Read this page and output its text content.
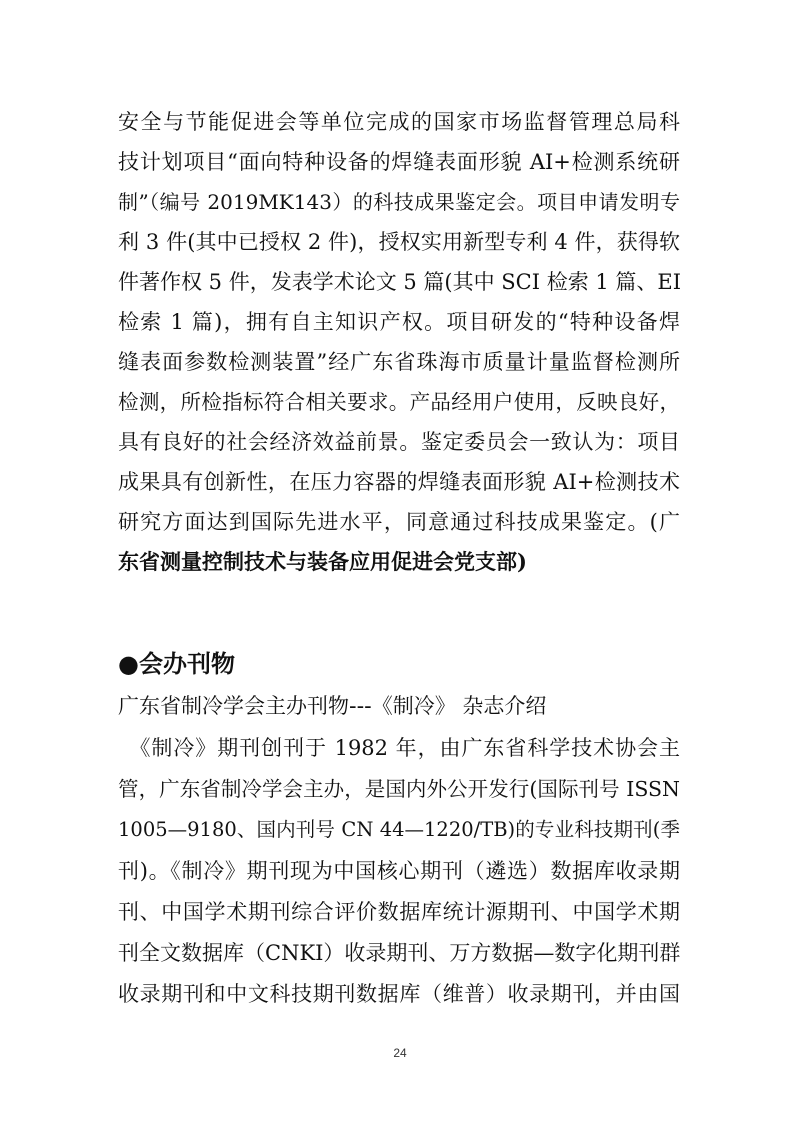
安全与节能促进会等单位完成的国家市场监督管理总局科
技计划项目“面向特种设备的焊缝表面形貌 AI+检测系统研
制”（编号 2019MK143）的科技成果鉴定会。项目申请发明专
利 3 件(其中已授权 2 件)，授权实用新型专利 4 件，获得软
件著作权 5 件，发表学术论文 5 篇(其中 SCI 检索 1 篇、EI
检索 1 篇)，拥有自主知识产权。项目研发的“特种设备焊
缝表面参数检测装置”经广东省珠海市质量计量监督检测所
检测，所检指标符合相关要求。产品经用户使用，反映良好，
具有良好的社会经济效益前景。鉴定委员会一致认为：项目
成果具有创新性，在压力容器的焊缝表面形貌 AI+检测技术
研究方面达到国际先进水平，同意通过科技成果鉴定。(广
东省测量控制技术与装备应用促进会党支部)
●会办刊物
广东省制冷学会主办刊物---《制冷》 杂志介绍
　《制冷》期刊创刊于 1982 年，由广东省科学技术协会主
管，广东省制冷学会主办，是国内外公开发行(国际刊号 ISSN
1005—9180、国内刊号 CN 44—1220/TB)的专业科技期刊(季
刊)。《制冷》期刊现为中国核心期刊（遴选）数据库收录期
刊、中国学术期刊综合评价数据库统计源期刊、中国学术期
刊全文数据库（CNKI）收录期刊、万方数据—数字化期刊群
收录期刊和中文科技期刊数据库（维普）收录期刊，并由国
24
